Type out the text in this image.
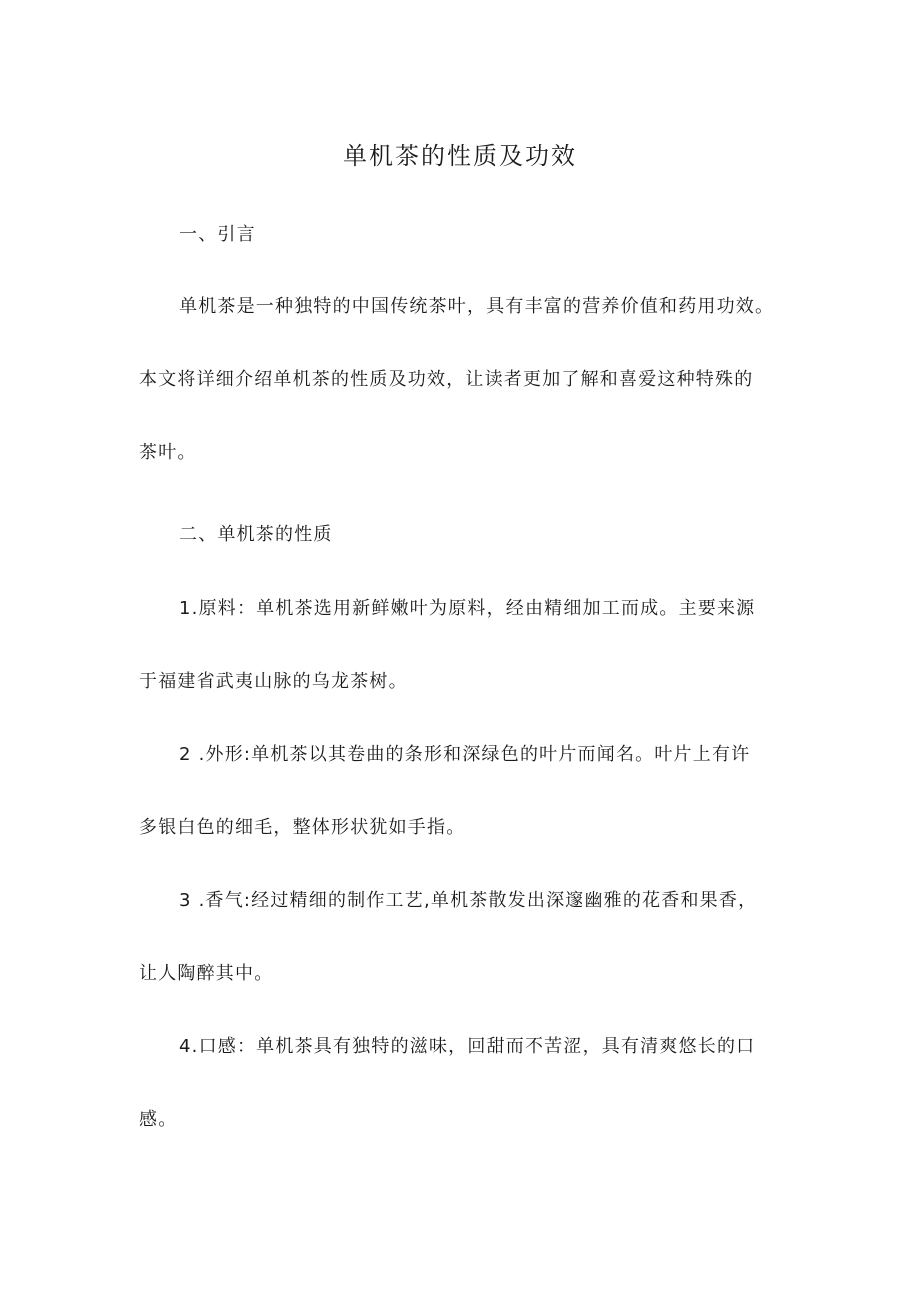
单机茶的性质及功效
一、引言
单机茶是一种独特的中国传统茶叶，具有丰富的营养价值和药用功效。
本文将详细介绍单机茶的性质及功效，让读者更加了解和喜爱这种特殊的
茶叶。
二、单机茶的性质
1.原料：单机茶选用新鲜嫩叶为原料，经由精细加工而成。主要来源
于福建省武夷山脉的乌龙茶树。
2 .外形:单机茶以其卷曲的条形和深绿色的叶片而闻名。叶片上有许
多银白色的细毛，整体形状犹如手指。
3 .香气:经过精细的制作工艺,单机茶散发出深邃幽雅的花香和果香，
让人陶醉其中。
4.口感：单机茶具有独特的滋味，回甜而不苦涩，具有清爽悠长的口
感。
